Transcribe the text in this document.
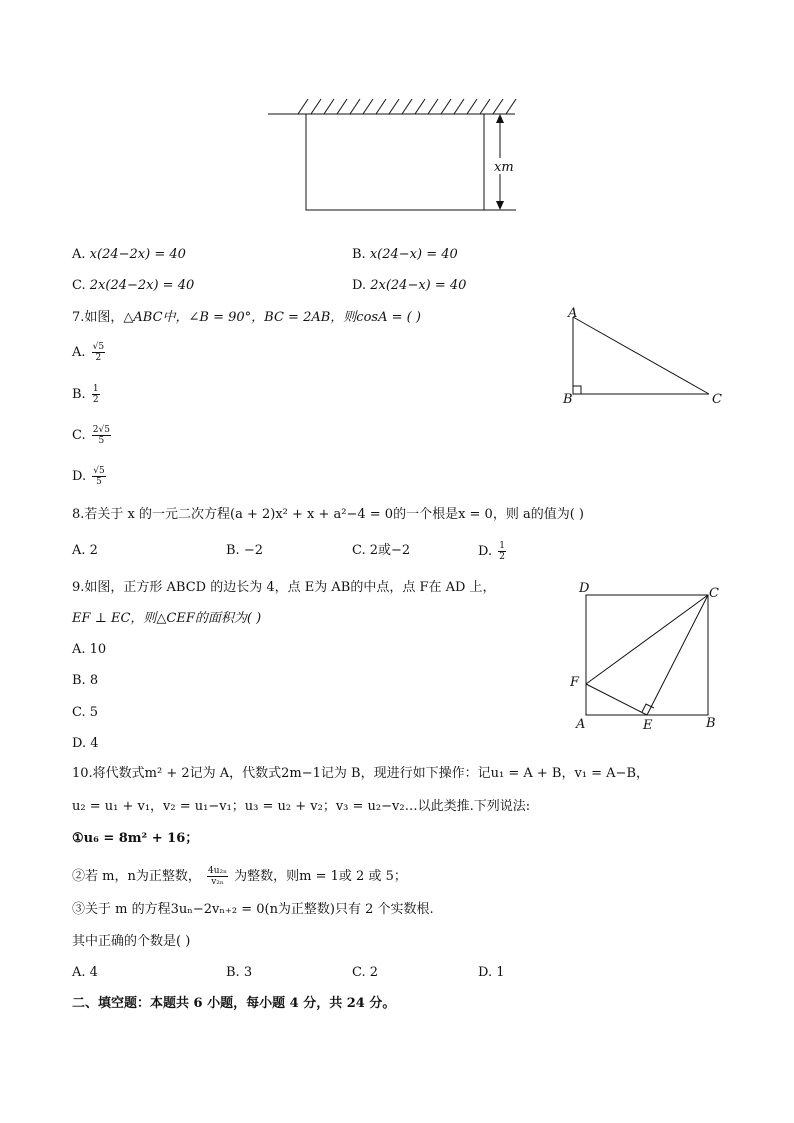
xm
A. x(24−2x) = 40	B. x(24−x) = 40
C. 2x(24−2x) = 40	D. 2x(24−x) = 40
7.如图，△ABC中，∠B = 90°，BC = 2AB，则cosA = ( )
A. $\frac{√5}{2}$
B. $\frac{1}{2}$
C. $\frac{2√5}{5}$
D. $\frac{√5}{5}$
A
B	C
8.若关于 x 的一元二次方程(a + 2)x² + x + a²−4 = 0的一个根是x = 0，则 a的值为( )
A. 2	B. −2	C. 2或−2	D. $\frac{1}{2}$
9.如图，正方形 ABCD 的边长为 4，点 E为 AB的中点，点 F在 AD 上，
EF ⊥ EC，则△CEF的面积为( )
A. 10
B. 8
C. 5
D. 4
D	C
F
A	E	B
10.将代数式m² + 2记为 A，代数式2m−1记为 B，现进行如下操作：记u₁ = A + B，v₁ = A−B，
u₂ = u₁ + v₁，v₂ = u₁−v₁；u₃ = u₂ + v₂；v₃ = u₂−v₂…以此类推.下列说法:
①u₆ = 8m² + 16；
②若 m，n为正整数， $\frac{\text{4u₂ₙ}}{\text{v₂ₙ}}$ 为整数，则m = 1或 2 或 5；
③关于 m 的方程3uₙ−2vₙ₊₂ = 0(n为正整数)只有 2 个实数根.
其中正确的个数是( )
A. 4	B. 3	C. 2	D. 1
二、填空题：本题共 6 小题，每小题 4 分，共 24 分。
